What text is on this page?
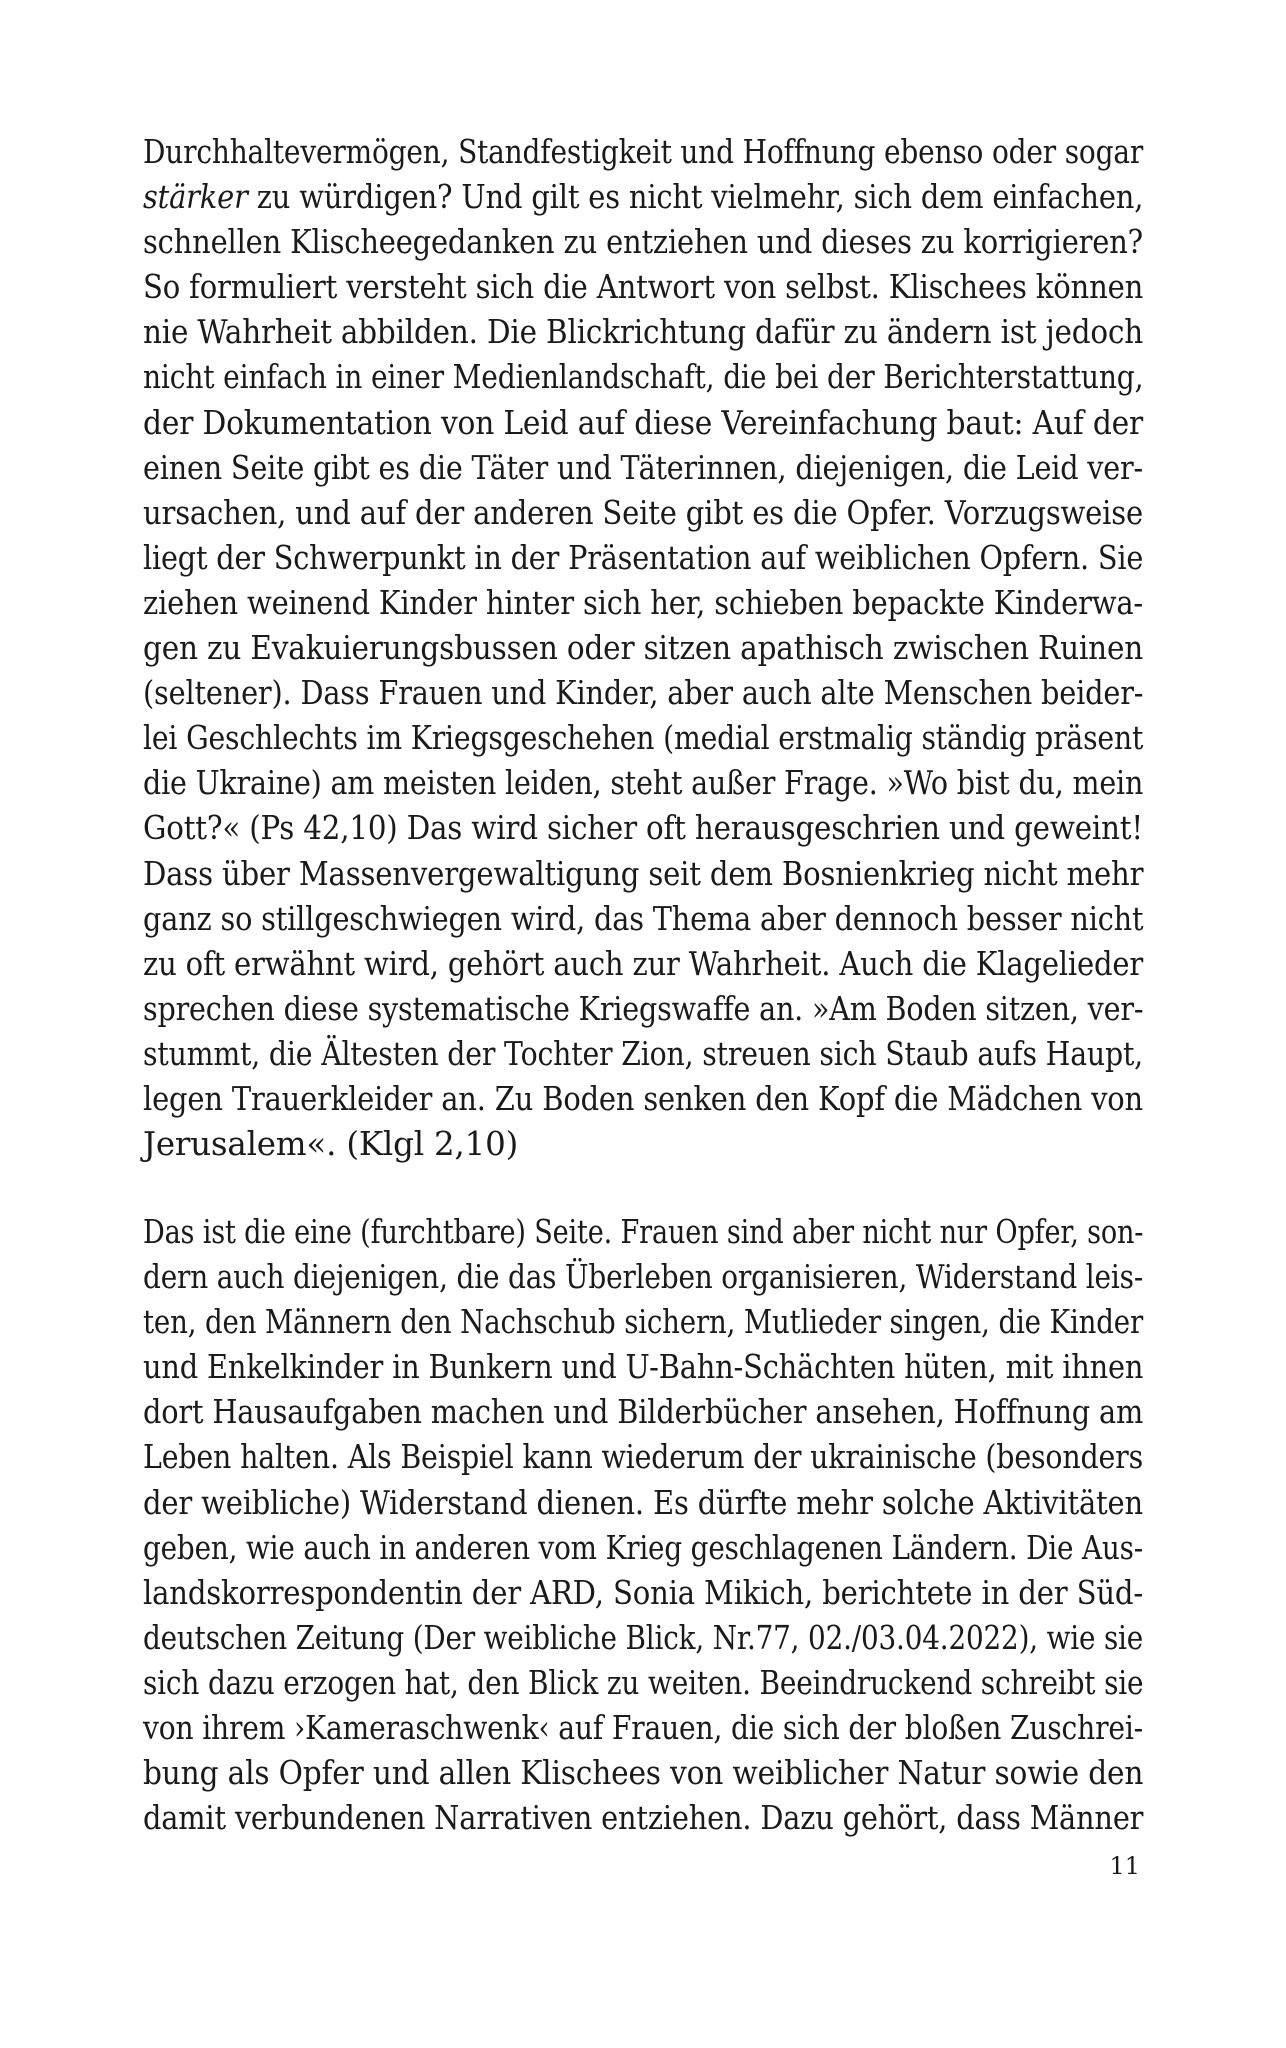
Durchhaltevermögen, Standfestigkeit und Hoffnung ebenso oder sogar
stärker zu würdigen? Und gilt es nicht vielmehr, sich dem einfachen,
schnellen Klischeegedanken zu entziehen und dieses zu korrigieren?
So formuliert versteht sich die Antwort von selbst. Klischees können
nie Wahrheit abbilden. Die Blickrichtung dafür zu ändern ist jedoch
nicht einfach in einer Medienlandschaft, die bei der Berichterstattung,
der Dokumentation von Leid auf diese Vereinfachung baut: Auf der
einen Seite gibt es die Täter und Täterinnen, diejenigen, die Leid ver-
ursachen, und auf der anderen Seite gibt es die Opfer. Vorzugsweise
liegt der Schwerpunkt in der Präsentation auf weiblichen Opfern. Sie
ziehen weinend Kinder hinter sich her, schieben bepackte Kinderwa-
gen zu Evakuierungsbussen oder sitzen apathisch zwischen Ruinen
(seltener). Dass Frauen und Kinder, aber auch alte Menschen beider-
lei Geschlechts im Kriegsgeschehen (medial erstmalig ständig präsent
die Ukraine) am meisten leiden, steht außer Frage. »Wo bist du, mein
Gott?« (Ps 42,10) Das wird sicher oft herausgeschrien und geweint!
Dass über Massenvergewaltigung seit dem Bosnienkrieg nicht mehr
ganz so stillgeschwiegen wird, das Thema aber dennoch besser nicht
zu oft erwähnt wird, gehört auch zur Wahrheit. Auch die Klagelieder
sprechen diese systematische Kriegswaffe an. »Am Boden sitzen, ver-
stummt, die Ältesten der Tochter Zion, streuen sich Staub aufs Haupt,
legen Trauerkleider an. Zu Boden senken den Kopf die Mädchen von
Jerusalem«. (Klgl 2,10)
Das ist die eine (furchtbare) Seite. Frauen sind aber nicht nur Opfer, son-
dern auch diejenigen, die das Überleben organisieren, Widerstand leis-
ten, den Männern den Nachschub sichern, Mutlieder singen, die Kinder
und Enkelkinder in Bunkern und U-Bahn-Schächten hüten, mit ihnen
dort Hausaufgaben machen und Bilderbücher ansehen, Hoffnung am
Leben halten. Als Beispiel kann wiederum der ukrainische (besonders
der weibliche) Widerstand dienen. Es dürfte mehr solche Aktivitäten
geben, wie auch in anderen vom Krieg geschlagenen Ländern. Die Aus-
landskorrespondentin der ARD, Sonia Mikich, berichtete in der Süd-
deutschen Zeitung (Der weibliche Blick, Nr.77, 02./03.04.2022), wie sie
sich dazu erzogen hat, den Blick zu weiten. Beeindruckend schreibt sie
von ihrem ›Kameraschwenk‹ auf Frauen, die sich der bloßen Zuschrei-
bung als Opfer und allen Klischees von weiblicher Natur sowie den
damit verbundenen Narrativen entziehen. Dazu gehört, dass Männer
11
